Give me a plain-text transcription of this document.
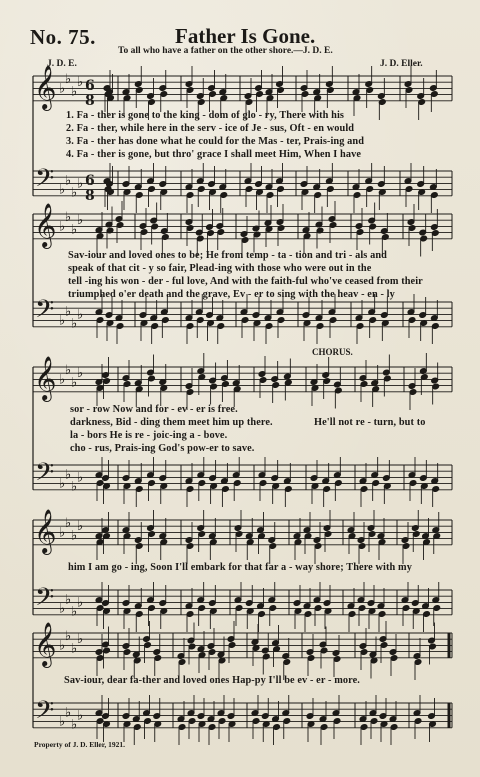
No. 75.	Father Is Gone.
To all who have a father on the other shore.—J. D. E.
J. D. E.	J. D. Eller.
𝄞
𝄢
♭
♭
♭
♭
♭
♭
♭
♭
6
8
6
8
𝄞
𝄢
♭
♭
♭
♭
♭
♭
♭
♭
𝄞
𝄢
♭
♭
♭
♭
♭
♭
♭
♭
𝄞
𝄢
♭
♭
♭
♭
♭
♭
♭
♭
𝄞
𝄢
♭
♭
♭
♭
♭
♭
♭
♭
CHORUS.
1. Fa - ther is gone to the king - dom of glo - ry, There with his
2. Fa - ther, while here in the serv - ice of Je - sus, Oft - en would
3. Fa - ther has done what he could for the Mas - ter, Prais-ing and
4. Fa - ther is gone, but thro' grace I shall meet Him, When I have
Sav-iour and loved ones to be; He from temp - ta - tion and tri - als and
speak of that cit - y so fair, Plead-ing with those who were out in the
tell -ing his won - der - ful love, And with the faith-ful who've ceased from their
triumphed o'er death and the grave, Ev - er to sing with the heav - en - ly
sor - row Now and for - ev - er is free.
darkness, Bid - ding them meet him up there.
la - bors He is re - joic-ing a - bove.
cho - rus, Prais-ing God's pow-er to save.
He'll not re - turn, but to
him I am go - ing, Soon I'll embark for that far a - way shore; There with my
Sav-iour, dear fa-ther and loved ones Hap-py I'll be ev - er - more.
Property of J. D. Eller, 1921.
